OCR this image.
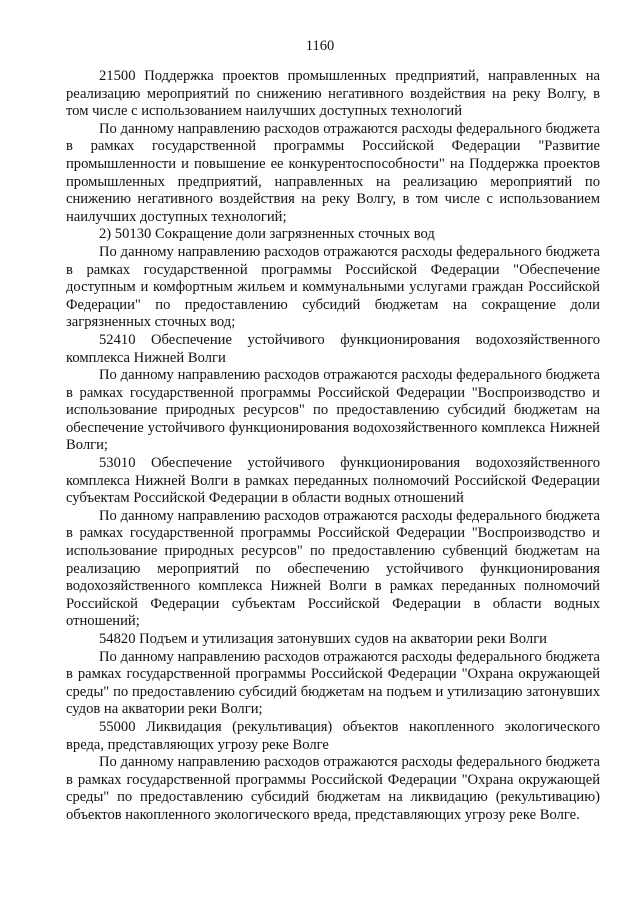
1160

21500 Поддержка проектов промышленных предприятий, направленных на реализацию мероприятий по снижению негативного воздействия на реку Волгу, в том числе с использованием наилучших доступных технологий

По данному направлению расходов отражаются расходы федерального бюджета в рамках государственной программы Российской Федерации "Развитие промышленности и повышение ее конкурентоспособности" на Поддержка проектов промышленных предприятий, направленных на реализацию мероприятий по снижению негативного воздействия на реку Волгу, в том числе с использованием наилучших доступных технологий;

2) 50130 Сокращение доли загрязненных сточных вод

По данному направлению расходов отражаются расходы федерального бюджета в рамках государственной программы Российской Федерации "Обеспечение доступным и комфортным жильем и коммунальными услугами граждан Российской Федерации" по предоставлению субсидий бюджетам на сокращение доли загрязненных сточных вод;

52410 Обеспечение устойчивого функционирования водохозяйственного комплекса Нижней Волги

По данному направлению расходов отражаются расходы федерального бюджета в рамках государственной программы Российской Федерации "Воспроизводство и использование природных ресурсов" по предоставлению субсидий бюджетам на обеспечение устойчивого функционирования водохозяйственного комплекса Нижней Волги;

53010 Обеспечение устойчивого функционирования водохозяйственного комплекса Нижней Волги в рамках переданных полномочий Российской Федерации субъектам Российской Федерации в области водных отношений

По данному направлению расходов отражаются расходы федерального бюджета в рамках государственной программы Российской Федерации "Воспроизводство и использование природных ресурсов" по предоставлению субвенций бюджетам на реализацию мероприятий по обеспечению устойчивого функционирования водохозяйственного комплекса Нижней Волги в рамках переданных полномочий Российской Федерации субъектам Российской Федерации в области водных отношений;

54820 Подъем и утилизация затонувших судов на акватории реки Волги

По данному направлению расходов отражаются расходы федерального бюджета в рамках государственной программы Российской Федерации "Охрана окружающей среды" по предоставлению субсидий бюджетам на подъем и утилизацию затонувших судов на акватории реки Волги;

55000 Ликвидация (рекультивация) объектов накопленного экологического вреда, представляющих угрозу реке Волге

По данному направлению расходов отражаются расходы федерального бюджета в рамках государственной программы Российской Федерации "Охрана окружающей среды" по предоставлению субсидий бюджетам на ликвидацию (рекультивацию) объектов накопленного экологического вреда, представляющих угрозу реке Волге.
